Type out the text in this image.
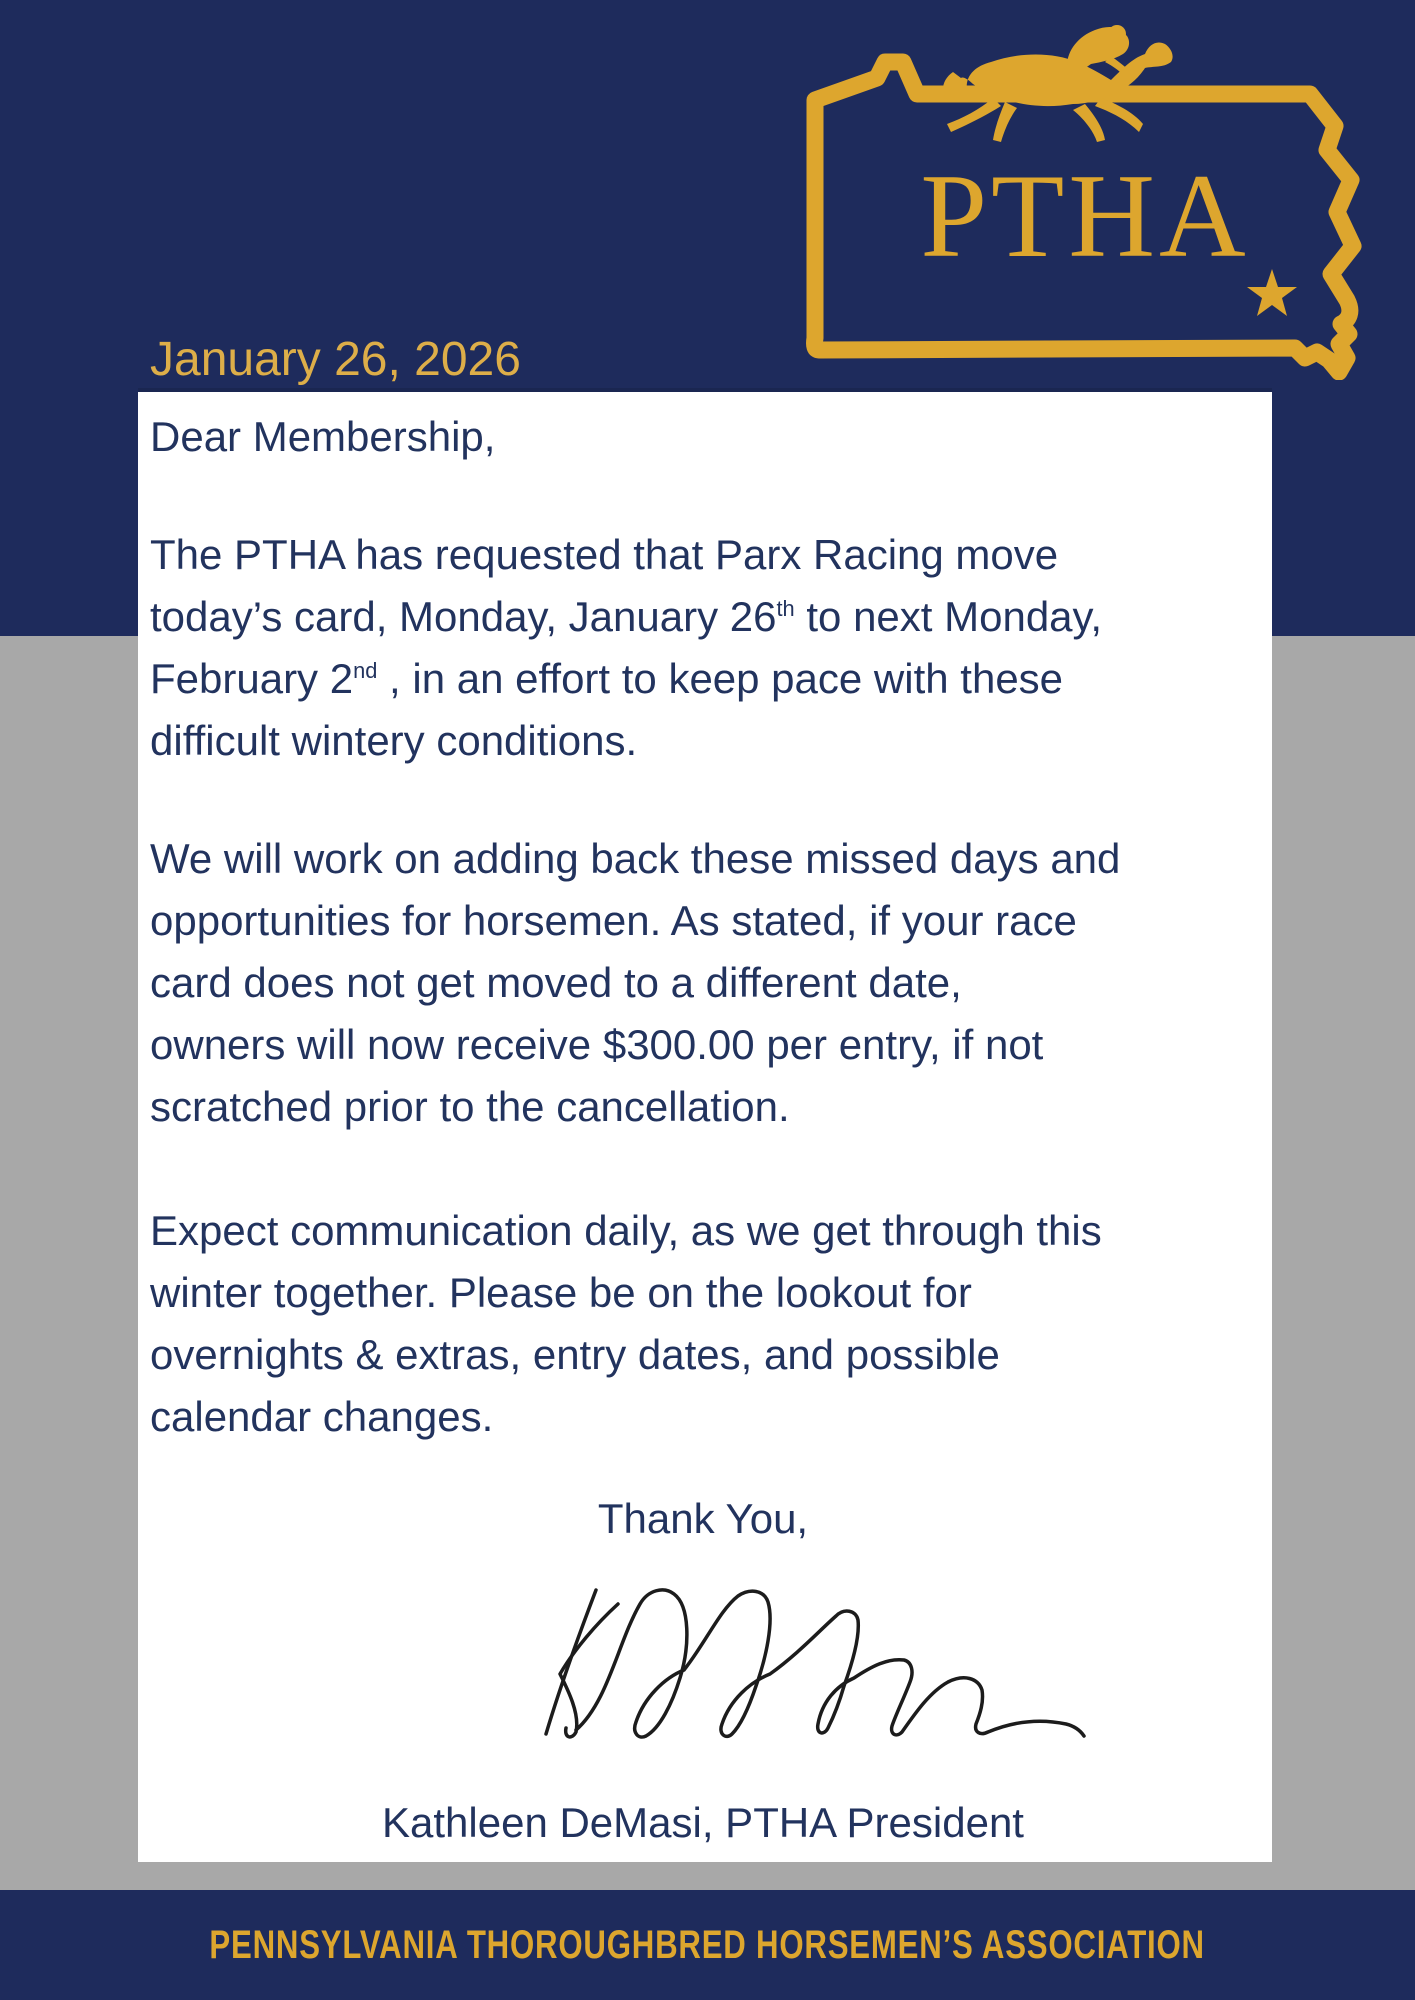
PTHA
January 26, 2026
Dear Membership,
The PTHA has requested that Parx Racing move
today’s card, Monday, January 26th to next Monday,
February 2nd , in an effort to keep pace with these
difficult wintery conditions.
We will work on adding back these missed days and
opportunities for horsemen. As stated, if your race
card does not get moved to a different date,
owners will now receive $300.00 per entry, if not
scratched prior to the cancellation.
Expect communication daily, as we get through this
winter together. Please be on the lookout for
overnights & extras, entry dates, and possible
calendar changes.
Thank You,
Kathleen DeMasi, PTHA President
PENNSYLVANIA THOROUGHBRED HORSEMEN’S ASSOCIATION
